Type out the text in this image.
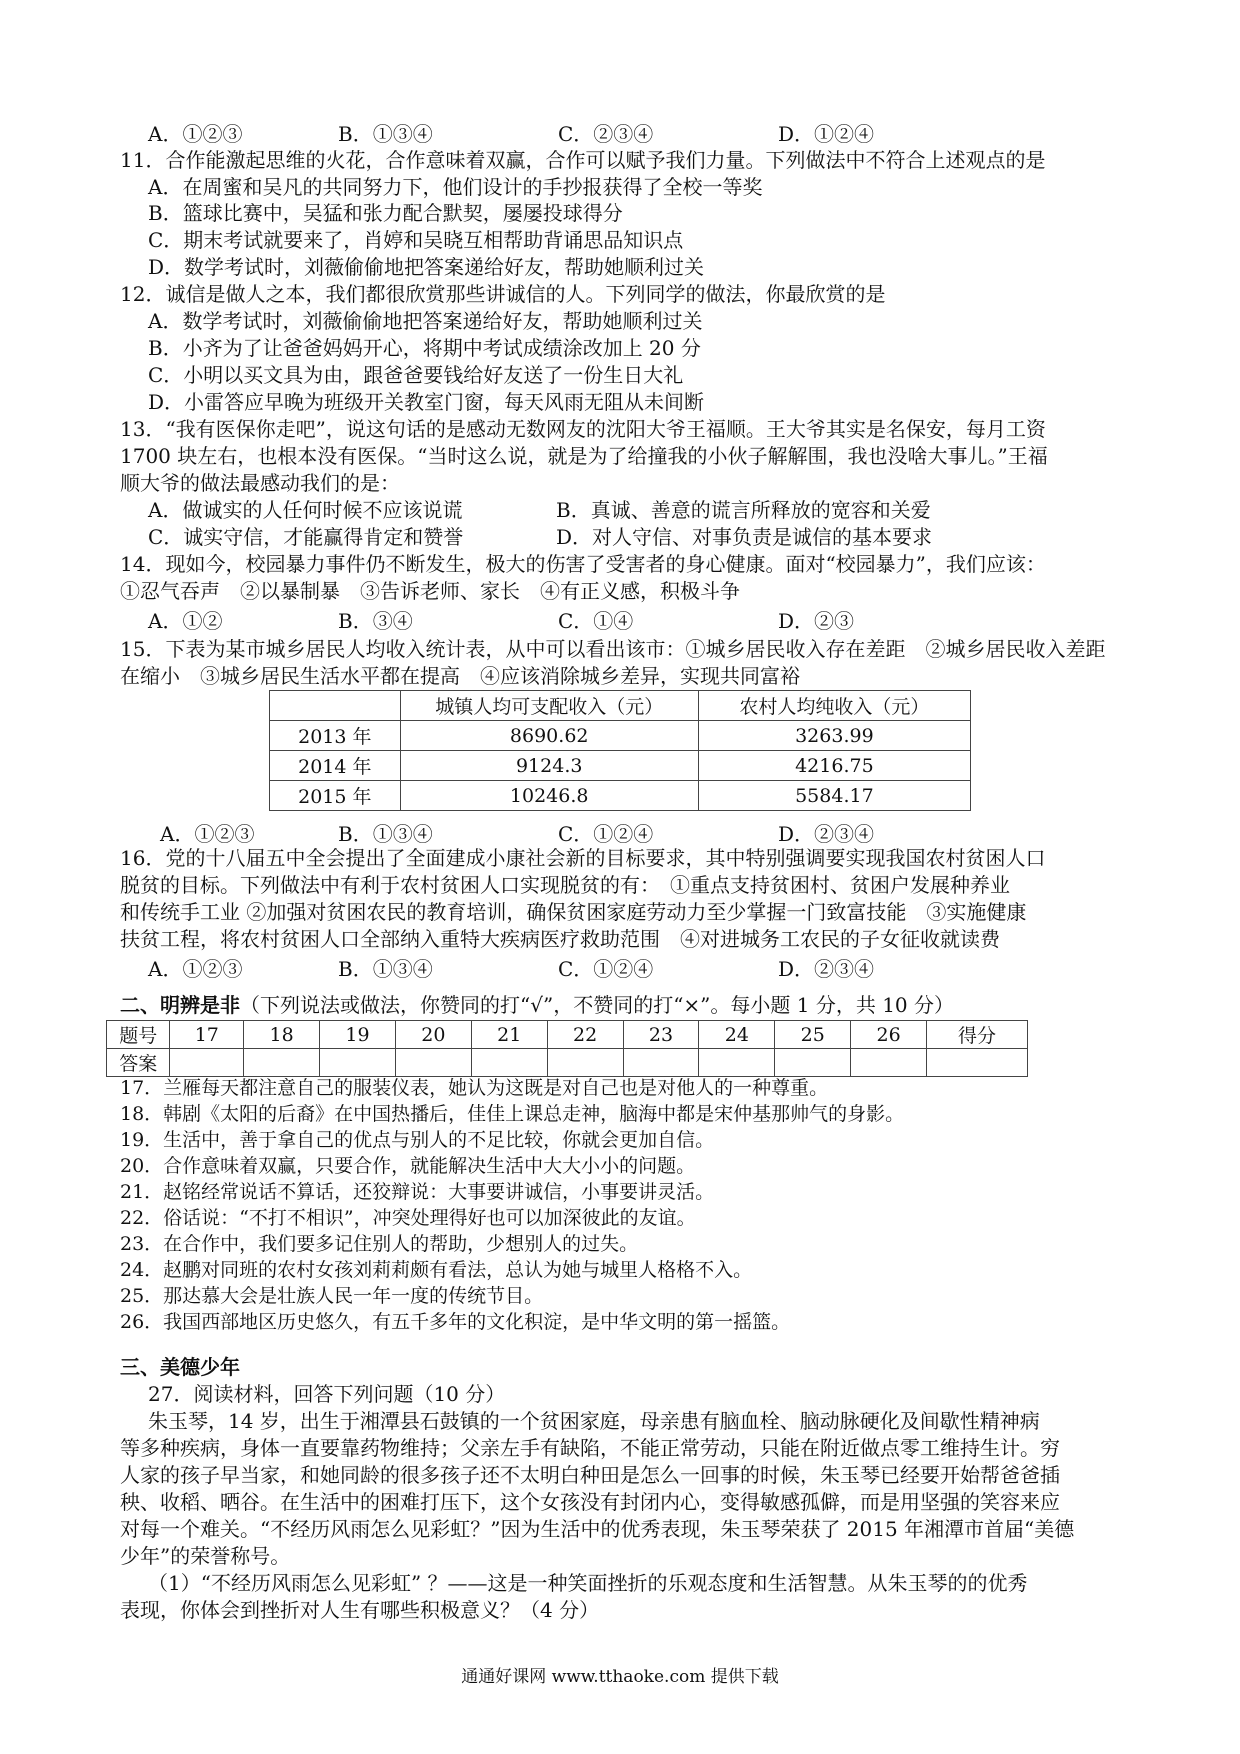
A．①②③	B．①③④	C．②③④	D．①②④
11．合作能激起思维的火花，合作意味着双赢，合作可以赋予我们力量。下列做法中不符合上述观点的是
A．在周蜜和吴凡的共同努力下，他们设计的手抄报获得了全校一等奖
B．篮球比赛中，吴猛和张力配合默契，屡屡投球得分
C．期末考试就要来了，肖婷和吴晓互相帮助背诵思品知识点
D．数学考试时，刘薇偷偷地把答案递给好友，帮助她顺利过关
12．诚信是做人之本，我们都很欣赏那些讲诚信的人。下列同学的做法，你最欣赏的是
A．数学考试时，刘薇偷偷地把答案递给好友，帮助她顺利过关
B．小齐为了让爸爸妈妈开心，将期中考试成绩涂改加上 20 分
C．小明以买文具为由，跟爸爸要钱给好友送了一份生日大礼
D．小雷答应早晚为班级开关教室门窗，每天风雨无阻从未间断
13．“我有医保你走吧”，说这句话的是感动无数网友的沈阳大爷王福顺。王大爷其实是名保安，每月工资
1700 块左右，也根本没有医保。“当时这么说，就是为了给撞我的小伙子解解围，我也没啥大事儿。”王福
顺大爷的做法最感动我们的是：
A．做诚实的人任何时候不应该说谎	B．真诚、善意的谎言所释放的宽容和关爱
C．诚实守信，才能赢得肯定和赞誉	D．对人守信、对事负责是诚信的基本要求
14．现如今，校园暴力事件仍不断发生，极大的伤害了受害者的身心健康。面对“校园暴力”，我们应该：
①忍气吞声　②以暴制暴　③告诉老师、家长　④有正义感，积极斗争
A．①②	B．③④	C．①④	D．②③
15．下表为某市城乡居民人均收入统计表，从中可以看出该市：①城乡居民收入存在差距　②城乡居民收入差距
在缩小　③城乡居民生活水平都在提高　④应该消除城乡差异，实现共同富裕
	城镇人均可支配收入（元）	农村人均纯收入（元）
2013 年	8690.62	3263.99
2014 年	9124.3	4216.75
2015 年	10246.8	5584.17
A．①②③	B．①③④	C．①②④	D．②③④
16．党的十八届五中全会提出了全面建成小康社会新的目标要求，其中特别强调要实现我国农村贫困人口
脱贫的目标。下列做法中有利于农村贫困人口实现脱贫的有：　①重点支持贫困村、贫困户发展种养业
和传统手工业 ②加强对贫困农民的教育培训，确保贫困家庭劳动力至少掌握一门致富技能　③实施健康
扶贫工程，将农村贫困人口全部纳入重特大疾病医疗救助范围　④对进城务工农民的子女征收就读费
A．①②③	B．①③④	C．①②④	D．②③④
二、明辨是非（下列说法或做法，你赞同的打“√”，不赞同的打“×”。每小题 1 分，共 10 分）
题号	17	18	19	20	21	22	23	24	25	26	得分
答案											
17．兰雁每天都注意自己的服装仪表，她认为这既是对自己也是对他人的一种尊重。
18．韩剧《太阳的后裔》在中国热播后，佳佳上课总走神，脑海中都是宋仲基那帅气的身影。
19．生活中，善于拿自己的优点与别人的不足比较，你就会更加自信。
20．合作意味着双赢，只要合作，就能解决生活中大大小小的问题。
21．赵铭经常说话不算话，还狡辩说：大事要讲诚信，小事要讲灵活。
22．俗话说：“不打不相识”，冲突处理得好也可以加深彼此的友谊。
23．在合作中，我们要多记住别人的帮助，少想别人的过失。
24．赵鹏对同班的农村女孩刘莉莉颇有看法，总认为她与城里人格格不入。
25．那达慕大会是壮族人民一年一度的传统节目。
26．我国西部地区历史悠久，有五千多年的文化积淀，是中华文明的第一摇篮。
三、美德少年
27．阅读材料，回答下列问题（10 分）
朱玉琴，14 岁，出生于湘潭县石鼓镇的一个贫困家庭，母亲患有脑血栓、脑动脉硬化及间歇性精神病
等多种疾病，身体一直要靠药物维持；父亲左手有缺陷，不能正常劳动，只能在附近做点零工维持生计。穷
人家的孩子早当家，和她同龄的很多孩子还不太明白种田是怎么一回事的时候，朱玉琴已经要开始帮爸爸插
秧、收稻、晒谷。在生活中的困难打压下，这个女孩没有封闭内心，变得敏感孤僻，而是用坚强的笑容来应
对每一个难关。“不经历风雨怎么见彩虹？”因为生活中的优秀表现，朱玉琴荣获了 2015 年湘潭市首届“美德
少年”的荣誉称号。
（1）“不经历风雨怎么见彩虹” ？——这是一种笑面挫折的乐观态度和生活智慧。从朱玉琴的的优秀
表现，你体会到挫折对人生有哪些积极意义？（4 分）
通通好课网 www.tthaoke.com 提供下载
